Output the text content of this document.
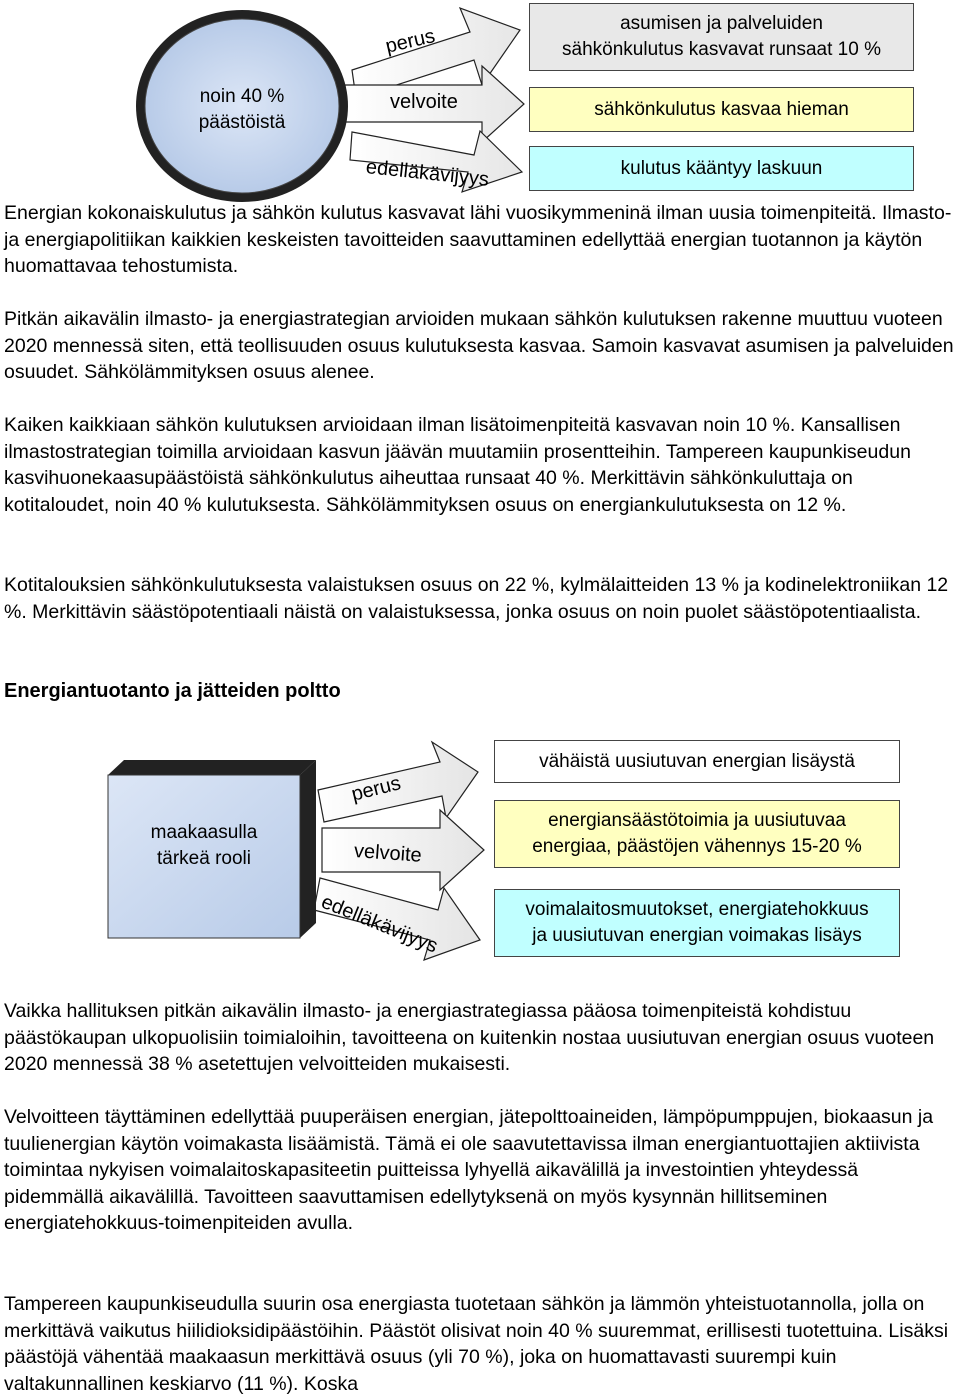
noin 40 %
päästöistä
perus
velvoite
edelläkävijyys
asumisen ja palveluiden
sähkönkulutus kasvavat runsaat 10 %
sähkönkulutus kasvaa hieman
kulutus kääntyy laskuun

Energian kokonaiskulutus ja sähkön kulutus kasvavat lähi vuosikymmeninä ilman uusia toimenpiteitä. Ilmasto- ja energiapolitiikan kaikkien keskeisten tavoitteiden saavuttaminen edellyttää energian tuotannon ja käytön huomattavaa tehostumista.

Pitkän aikavälin ilmasto- ja energiastrategian arvioiden mukaan sähkön kulutuksen rakenne muuttuu vuoteen 2020 mennessä siten, että teollisuuden osuus kulutuksesta kasvaa. Samoin kasvavat asumisen ja palveluiden osuudet. Sähkölämmityksen osuus alenee.

Kaiken kaikkiaan sähkön kulutuksen arvioidaan ilman lisätoimenpiteitä kasvavan noin 10 %. Kansallisen ilmastostrategian toimilla arvioidaan kasvun jäävän muutamiin prosentteihin. Tampereen kaupunkiseudun kasvihuonekaasupäästöistä sähkönkulutus aiheuttaa runsaat 40 %. Merkittävin sähkönkuluttaja on kotitaloudet, noin 40 % kulutuksesta. Sähkölämmityksen osuus on energiankulutuksesta on 12 %.

Kotitalouksien sähkönkulutuksesta valaistuksen osuus on 22 %, kylmälaitteiden 13 % ja kodinelektroniikan 12 %. Merkittävin säästöpotentiaali näistä on valaistuksessa, jonka osuus on noin puolet säästöpotentiaalista.

Energiantuotanto ja jätteiden poltto
maakaasulla
tärkeä rooli
perus
velvoite
edelläkävijyys
vähäistä uusiutuvan energian lisäystä
energiansäästötoimia ja uusiutuvaa
energiaa, päästöjen vähennys 15-20 %
voimalaitosmuutokset, energiatehokkuus
ja uusiutuvan energian voimakas lisäys

Vaikka hallituksen pitkän aikavälin ilmasto- ja energiastrategiassa pääosa toimenpiteistä kohdistuu päästökaupan ulkopuolisiin toimialoihin, tavoitteena on kuitenkin nostaa uusiutuvan energian osuus vuoteen 2020 mennessä 38 % asetettujen velvoitteiden mukaisesti.

Velvoitteen täyttäminen edellyttää puuperäisen energian, jätepolttoaineiden, lämpöpumppujen, biokaasun ja tuulienergian käytön voimakasta lisäämistä. Tämä ei ole saavutettavissa ilman energiantuottajien aktiivista toimintaa nykyisen voimalaitoskapasiteetin puitteissa lyhyellä aikavälillä ja investointien yhteydessä pidemmällä aikavälillä. Tavoitteen saavuttamisen edellytyksenä on myös kysynnän hillitseminen energiatehokkuus-toimenpiteiden avulla.

Tampereen kaupunkiseudulla suurin osa energiasta tuotetaan sähkön ja lämmön yhteistuotannolla, jolla on merkittävä vaikutus hiilidioksidipäästöihin. Päästöt olisivat noin 40 % suuremmat, erillisesti tuotettuina. Lisäksi päästöjä vähentää maakaasun merkittävä osuus (yli 70 %), joka on huomattavasti suurempi kuin valtakunnallinen keskiarvo (11 %). Koska
